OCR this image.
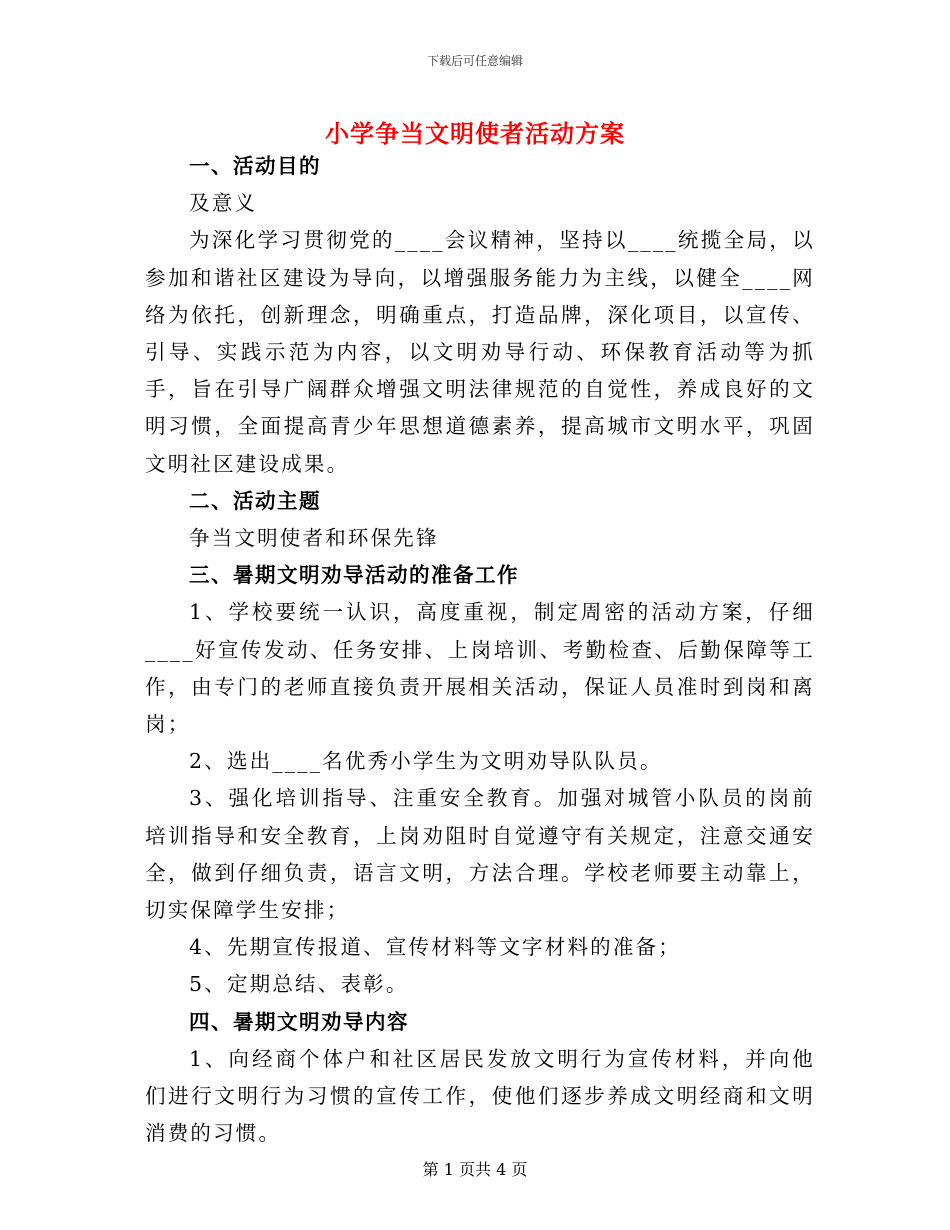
下载后可任意编辑
小学争当文明使者活动方案

一、活动目的

及意义

为深化学习贯彻党的____会议精神，坚持以____统揽全局，以参加和谐社区建设为导向，以增强服务能力为主线，以健全____网络为依托，创新理念，明确重点，打造品牌，深化项目，以宣传、引导、实践示范为内容，以文明劝导行动、环保教育活动等为抓手，旨在引导广阔群众增强文明法律规范的自觉性，养成良好的文明习惯，全面提高青少年思想道德素养，提高城市文明水平，巩固文明社区建设成果。

二、活动主题

争当文明使者和环保先锋

三、暑期文明劝导活动的准备工作

1、学校要统一认识，高度重视，制定周密的活动方案，仔细____好宣传发动、任务安排、上岗培训、考勤检查、后勤保障等工作，由专门的老师直接负责开展相关活动，保证人员准时到岗和离岗；

2、选出____名优秀小学生为文明劝导队队员。

3、强化培训指导、注重安全教育。加强对城管小队员的岗前培训指导和安全教育，上岗劝阻时自觉遵守有关规定，注意交通安全，做到仔细负责，语言文明，方法合理。学校老师要主动靠上，切实保障学生安排；

4、先期宣传报道、宣传材料等文字材料的准备；

5、定期总结、表彰。

四、暑期文明劝导内容

1、向经商个体户和社区居民发放文明行为宣传材料，并向他们进行文明行为习惯的宣传工作，使他们逐步养成文明经商和文明消费的习惯。

第 1 页共 4 页
